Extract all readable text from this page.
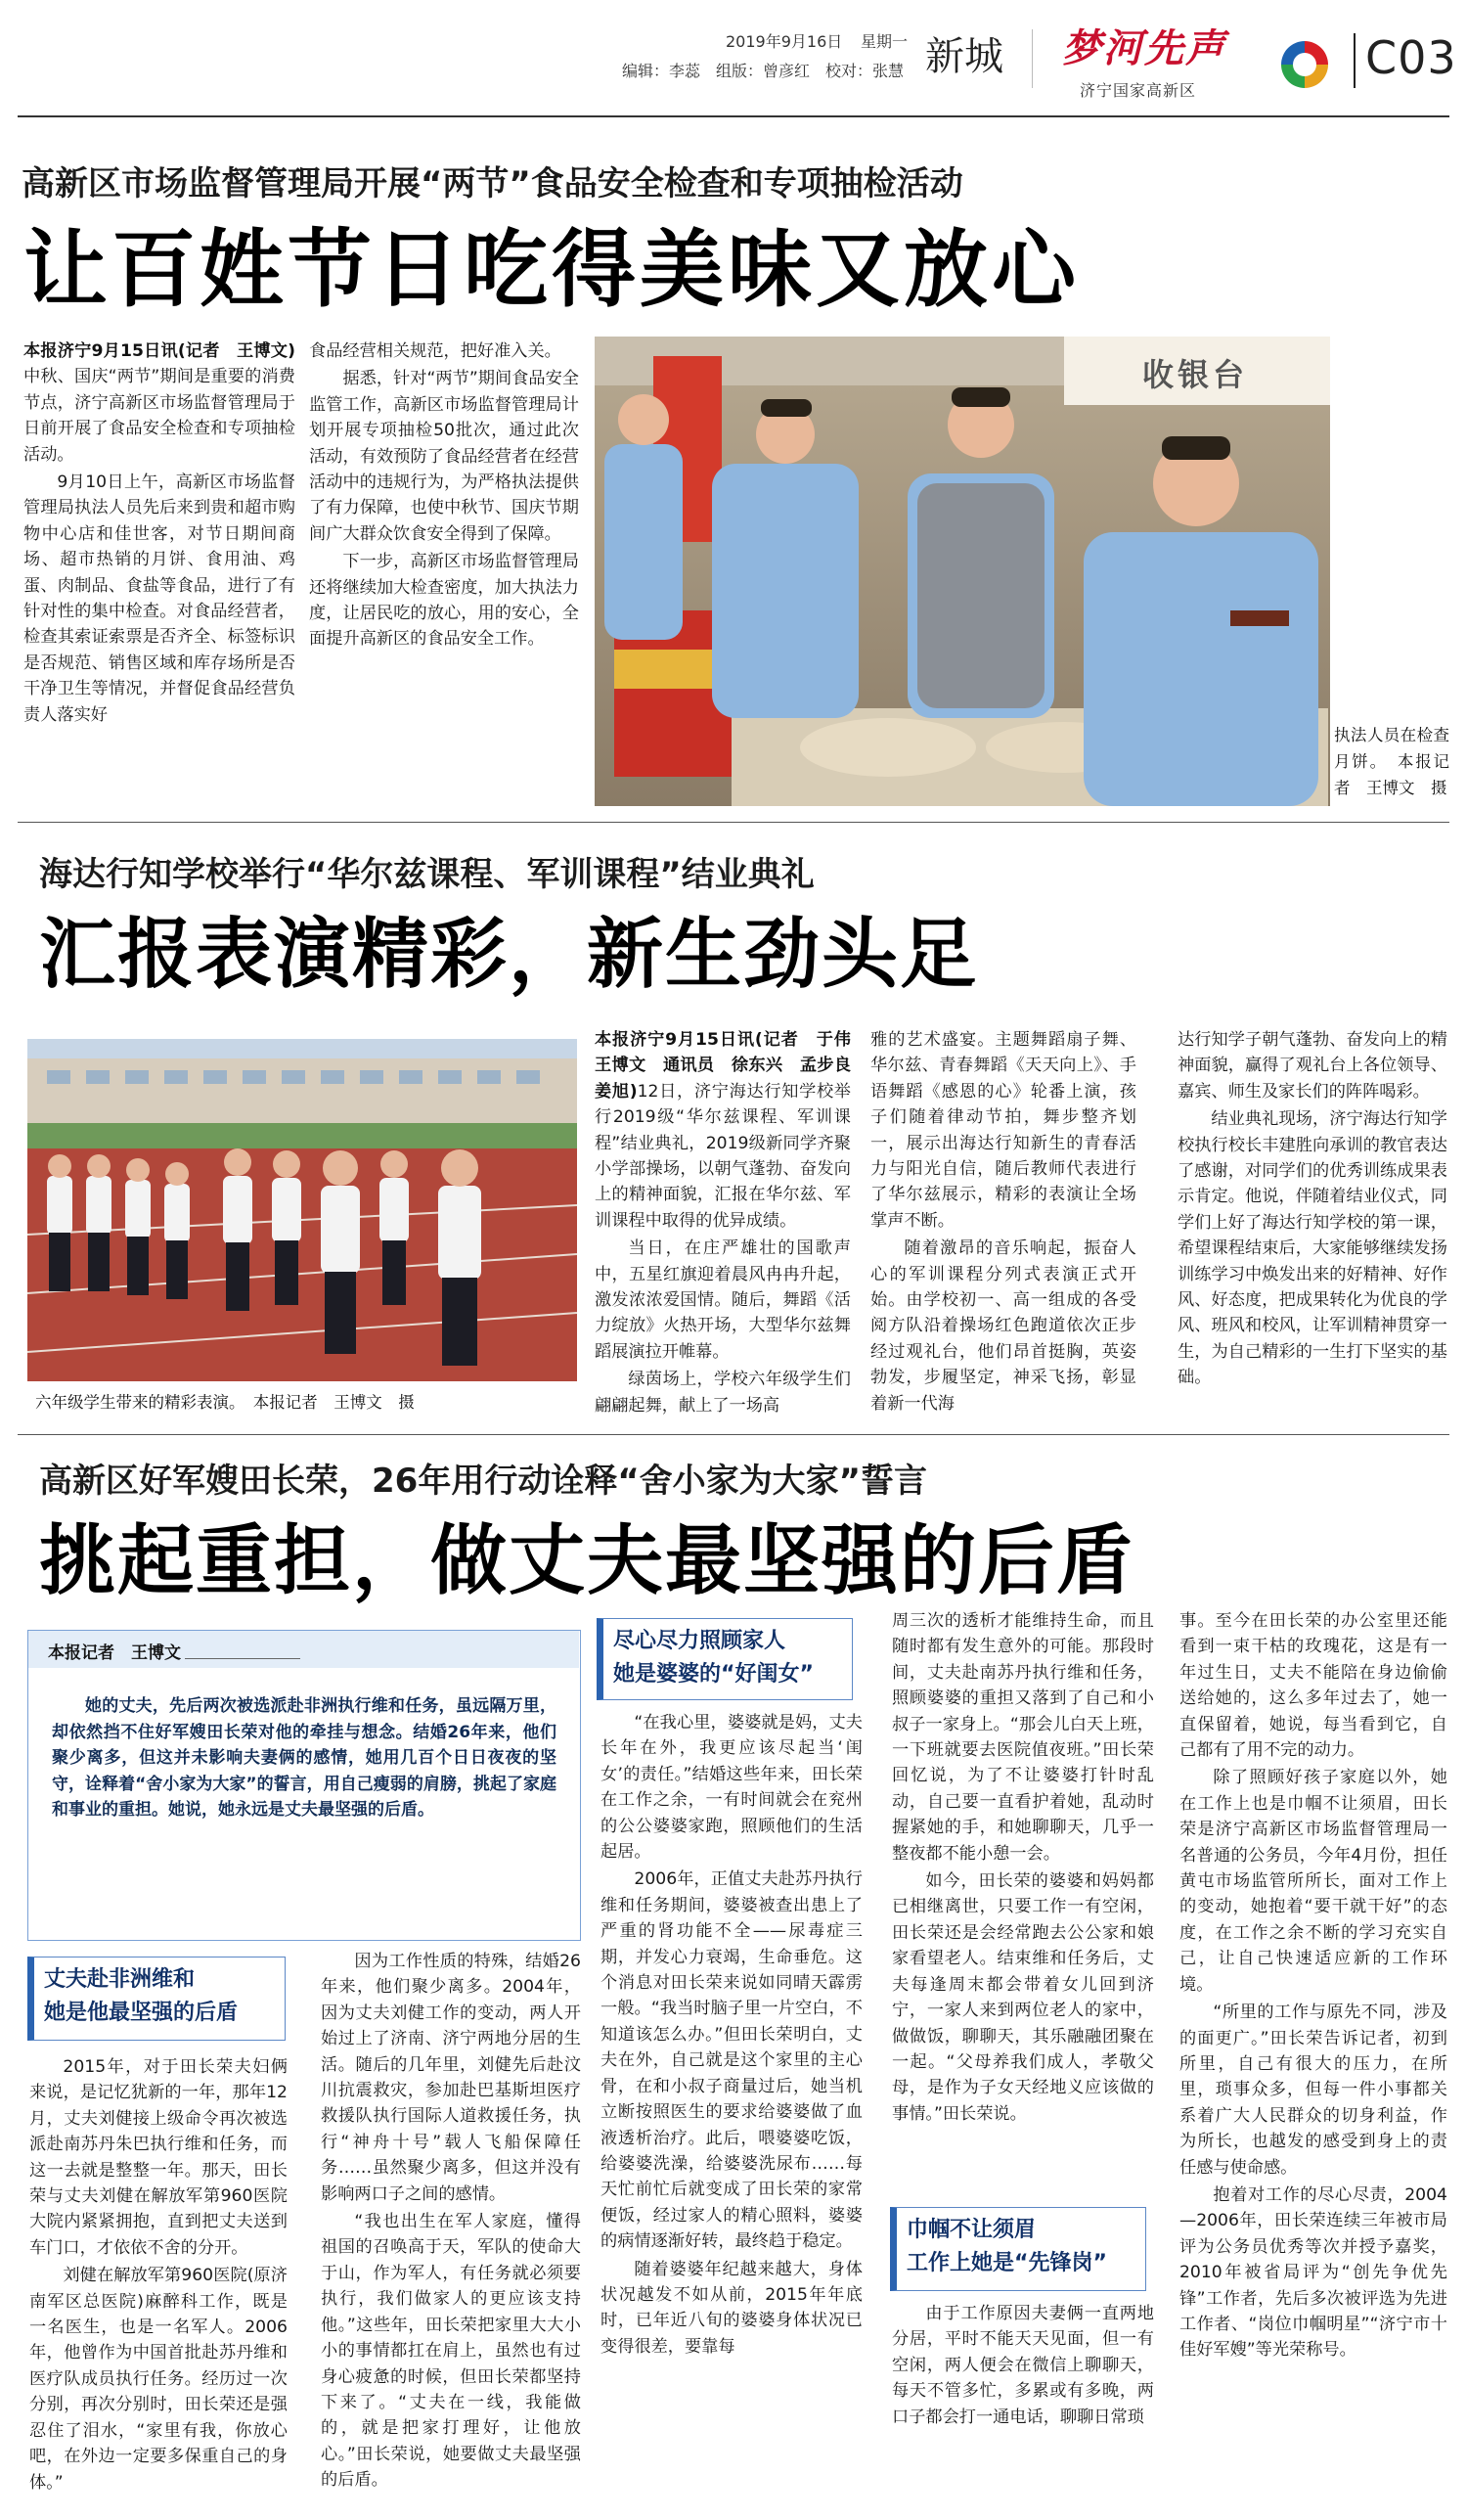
2019年9月16日 星期一
编辑：李蕊　组版：曾彦红　校对：张慧 新城 梦河先声
济宁国家高新区
C03
高新区市场监督管理局开展“两节”食品安全检查和专项抽检活动
让百姓节日吃得美味又放心

本报济宁9月15日讯(记者　王博文)中秋、国庆“两节”期间是重要的消费节点，济宁高新区市场监督管理局于日前开展了食品安全检查和专项抽检活动。

9月10日上午，高新区市场监督管理局执法人员先后来到贵和超市购物中心店和佳世客，对节日期间商场、超市热销的月饼、食用油、鸡蛋、肉制品、食盐等食品，进行了有针对性的集中检查。对食品经营者，检查其索证索票是否齐全、标签标识是否规范、销售区域和库存场所是否干净卫生等情况，并督促食品经营负责人落实好

食品经营相关规范，把好准入关。

据悉，针对“两节”期间食品安全监管工作，高新区市场监督管理局计划开展专项抽检50批次，通过此次活动，有效预防了食品经营者在经营活动中的违规行为，为严格执法提供了有力保障，也使中秋节、国庆节期间广大群众饮食安全得到了保障。

下一步，高新区市场监督管理局还将继续加大检查密度，加大执法力度，让居民吃的放心，用的安心，全面提升高新区的食品安全工作。

收银台
执法人员在检查月饼。　本报记者　王博文　摄
海达行知学校举行“华尔兹课程、军训课程”结业典礼
汇报表演精彩，新生劲头足
六年级学生带来的精彩表演。　本报记者　王博文　摄

本报济宁9月15日讯(记者　于伟　王博文　通讯员　徐东兴　孟步良　姜旭)12日，济宁海达行知学校举行2019级“华尔兹课程、军训课程”结业典礼，2019级新同学齐聚小学部操场，以朝气蓬勃、奋发向上的精神面貌，汇报在华尔兹、军训课程中取得的优异成绩。

当日，在庄严雄壮的国歌声中，五星红旗迎着晨风冉冉升起，激发浓浓爱国情。随后，舞蹈《活力绽放》火热开场，大型华尔兹舞蹈展演拉开帷幕。

绿茵场上，学校六年级学生们翩翩起舞，献上了一场高

雅的艺术盛宴。主题舞蹈扇子舞、华尔兹、青春舞蹈《天天向上》、手语舞蹈《感恩的心》轮番上演，孩子们随着律动节拍，舞步整齐划一，展示出海达行知新生的青春活力与阳光自信，随后教师代表进行了华尔兹展示，精彩的表演让全场掌声不断。

随着激昂的音乐响起，振奋人心的军训课程分列式表演正式开始。由学校初一、高一组成的各受阅方队沿着操场红色跑道依次正步经过观礼台，他们昂首挺胸，英姿勃发，步履坚定，神采飞扬，彰显着新一代海

达行知学子朝气蓬勃、奋发向上的精神面貌，赢得了观礼台上各位领导、嘉宾、师生及家长们的阵阵喝彩。

结业典礼现场，济宁海达行知学校执行校长丰建胜向承训的教官表达了感谢，对同学们的优秀训练成果表示肯定。他说，伴随着结业仪式，同学们上好了海达行知学校的第一课，希望课程结束后，大家能够继续发扬训练学习中焕发出来的好精神、好作风、好态度，把成果转化为优良的学风、班风和校风，让军训精神贯穿一生，为自己精彩的一生打下坚实的基础。

高新区好军嫂田长荣，26年用行动诠释“舍小家为大家”誓言
挑起重担，做丈夫最坚强的后盾
本报记者　王博文
她的丈夫，先后两次被选派赴非洲执行维和任务，虽远隔万里，却依然挡不住好军嫂田长荣对他的牵挂与想念。结婚26年来，他们聚少离多，但这并未影响夫妻俩的感情，她用几百个日日夜夜的坚守，诠释着“舍小家为大家”的誓言，用自己瘦弱的肩膀，挑起了家庭和事业的重担。她说，她永远是丈夫最坚强的后盾。
丈夫赴非洲维和
她是他最坚强的后盾
尽心尽力照顾家人
她是婆婆的“好闺女”
巾帼不让须眉
工作上她是“先锋岗”

2015年，对于田长荣夫妇俩来说，是记忆犹新的一年，那年12月，丈夫刘健接上级命令再次被选派赴南苏丹朱巴执行维和任务，而这一去就是整整一年。那天，田长荣与丈夫刘健在解放军第960医院大院内紧紧拥抱，直到把丈夫送到车门口，才依依不舍的分开。

刘健在解放军第960医院(原济南军区总医院)麻醉科工作，既是一名医生，也是一名军人。2006年，他曾作为中国首批赴苏丹维和医疗队成员执行任务。经历过一次分别，再次分别时，田长荣还是强忍住了泪水，“家里有我，你放心吧，在外边一定要多保重自己的身体。”

因为工作性质的特殊，结婚26年来，他们聚少离多。2004年，因为丈夫刘健工作的变动，两人开始过上了济南、济宁两地分居的生活。随后的几年里，刘健先后赴汶川抗震救灾，参加赴巴基斯坦医疗救援队执行国际人道救援任务，执行“神舟十号”载人飞船保障任务……虽然聚少离多，但这并没有影响两口子之间的感情。

“我也出生在军人家庭，懂得祖国的召唤高于天，军队的使命大于山，作为军人，有任务就必须要执行，我们做家人的更应该支持他。”这些年，田长荣把家里大大小小的事情都扛在肩上，虽然也有过身心疲惫的时候，但田长荣都坚持下来了。“丈夫在一线，我能做的，就是把家打理好，让他放心。”田长荣说，她要做丈夫最坚强的后盾。

“在我心里，婆婆就是妈，丈夫长年在外，我更应该尽起当‘闺女’的责任。”结婚这些年来，田长荣在工作之余，一有时间就会在兖州的公公婆婆家跑，照顾他们的生活起居。

2006年，正值丈夫赴苏丹执行维和任务期间，婆婆被查出患上了严重的肾功能不全——尿毒症三期，并发心力衰竭，生命垂危。这个消息对田长荣来说如同晴天霹雳一般。“我当时脑子里一片空白，不知道该怎么办。”但田长荣明白，丈夫在外，自己就是这个家里的主心骨，在和小叔子商量过后，她当机立断按照医生的要求给婆婆做了血液透析治疗。此后，喂婆婆吃饭，给婆婆洗澡，给婆婆洗尿布……每天忙前忙后就变成了田长荣的家常便饭，经过家人的精心照料，婆婆的病情逐渐好转，最终趋于稳定。

随着婆婆年纪越来越大，身体状况越发不如从前，2015年年底时，已年近八旬的婆婆身体状况已变得很差，要靠每

周三次的透析才能维持生命，而且随时都有发生意外的可能。那段时间，丈夫赴南苏丹执行维和任务，照顾婆婆的重担又落到了自己和小叔子一家身上。“那会儿白天上班，一下班就要去医院值夜班。”田长荣回忆说，为了不让婆婆打针时乱动，自己要一直看护着她，乱动时握紧她的手，和她聊聊天，几乎一整夜都不能小憩一会。

如今，田长荣的婆婆和妈妈都已相继离世，只要工作一有空闲，田长荣还是会经常跑去公公家和娘家看望老人。结束维和任务后，丈夫每逢周末都会带着女儿回到济宁，一家人来到两位老人的家中，做做饭，聊聊天，其乐融融团聚在一起。“父母养我们成人，孝敬父母，是作为子女天经地义应该做的事情。”田长荣说。

由于工作原因夫妻俩一直两地分居，平时不能天天见面，但一有空闲，两人便会在微信上聊聊天，每天不管多忙，多累或有多晚，两口子都会打一通电话，聊聊日常琐

事。至今在田长荣的办公室里还能看到一束干枯的玫瑰花，这是有一年过生日，丈夫不能陪在身边偷偷送给她的，这么多年过去了，她一直保留着，她说，每当看到它，自己都有了用不完的动力。

除了照顾好孩子家庭以外，她在工作上也是巾帼不让须眉，田长荣是济宁高新区市场监督管理局一名普通的公务员，今年4月份，担任黄屯市场监管所所长，面对工作上的变动，她抱着“要干就干好”的态度，在工作之余不断的学习充实自己，让自己快速适应新的工作环境。

“所里的工作与原先不同，涉及的面更广。”田长荣告诉记者，初到所里，自己有很大的压力，在所里，琐事众多，但每一件小事都关系着广大人民群众的切身利益，作为所长，也越发的感受到身上的责任感与使命感。

抱着对工作的尽心尽责，2004—2006年，田长荣连续三年被市局评为公务员优秀等次并授予嘉奖，2010年被省局评为“创先争优先锋”工作者，先后多次被评选为先进工作者、“岗位巾帼明星”“济宁市十佳好军嫂”等光荣称号。
